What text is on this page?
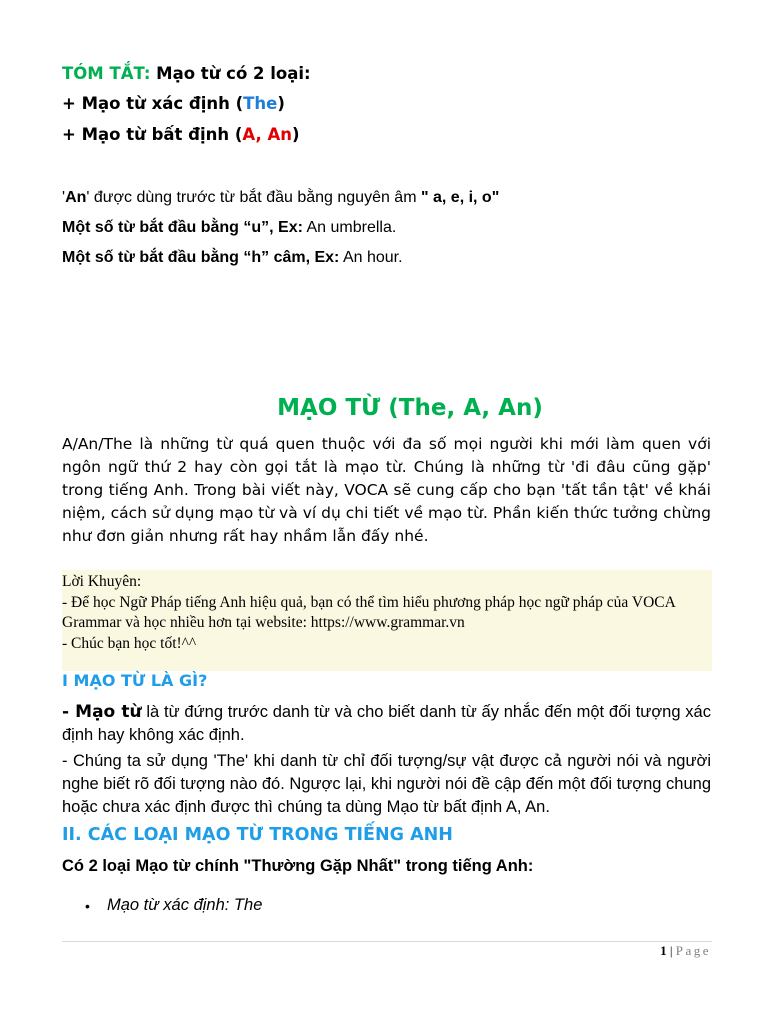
TÓM TẮT: Mạo từ có 2 loại:
+ Mạo từ xác định (The)
+ Mạo từ bất định (A, An)
'An' được dùng trước từ bắt đầu bằng nguyên âm " a, e, i, o"
Một số từ bắt đầu bằng “u”, Ex: An umbrella.
Một số từ bắt đầu bằng “h” câm, Ex: An hour.
MẠO TỪ (The, A, An)
A/An/The là những từ quá quen thuộc với đa số mọi người khi mới làm quen với ngôn ngữ thứ 2 hay còn gọi tắt là mạo từ. Chúng là những từ 'đi đâu cũng gặp' trong tiếng Anh. Trong bài viết này, VOCA sẽ cung cấp cho bạn 'tất tần tật' về khái niệm, cách sử dụng mạo từ và ví dụ chi tiết về mạo từ. Phần kiến thức tưởng chừng như đơn giản nhưng rất hay nhầm lẫn đấy nhé.
Lời Khuyên:
- Để học Ngữ Pháp tiếng Anh hiệu quả, bạn có thể tìm hiểu phương pháp học ngữ pháp của VOCA Grammar và học nhiều hơn tại website: https://www.grammar.vn
- Chúc bạn học tốt!^^
I MẠO TỪ LÀ GÌ?
- Mạo từ là từ đứng trước danh từ và cho biết danh từ ấy nhắc đến một đối tượng xác định hay không xác định.
- Chúng ta sử dụng 'The' khi danh từ chỉ đối tượng/sự vật được cả người nói và người nghe biết rõ đối tượng nào đó. Ngược lại, khi người nói đề cập đến một đối tượng chung hoặc chưa xác định được thì chúng ta dùng Mạo từ bất định A, An.
II. CÁC LOẠI MẠO TỪ TRONG TIẾNG ANH
Có 2 loại Mạo từ chính "Thường Gặp Nhất" trong tiếng Anh:
• Mạo từ xác định: The
1 | Page
